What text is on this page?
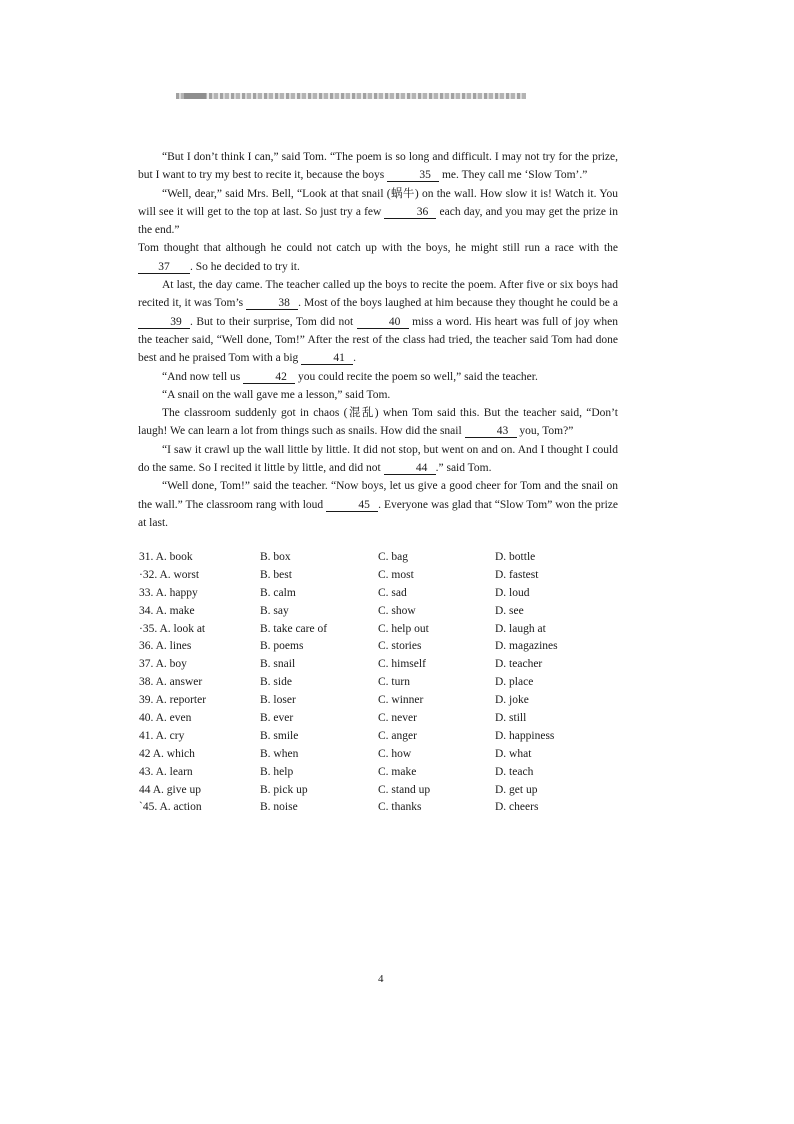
“But I don’t think I can,” said Tom. “The poem is so long and difficult. I may not try for the prize, but I want to try my best to recite it, because the boys	35 me. They call me ‘Slow Tom’.”

“Well, dear,” said Mrs. Bell, “Look at that snail (蜗牛) on the wall. How slow it is! Watch it. You will see it will get to the top at last. So just try a few	36 each day, and you may get the prize in the end.”

Tom thought that although he could not catch up with the boys, he might still run a race with the 37 . So he decided to try it.

At last, the day came. The teacher called up the boys to recite the poem. After five or six boys had recited it, it was Tom’s	38 . Most of the boys laughed at him because they thought he could be a 39 . But to their surprise, Tom did not	40 miss a word. His heart was full of joy when the teacher said, “Well done, Tom!” After the rest of the class had tried, the teacher said Tom had done best and he praised Tom with a big	41 .

“And now tell us	42 you could recite the poem so well,” said the teacher.

“A snail on the wall gave me a lesson,” said Tom.

The classroom suddenly got in chaos (混乱) when Tom said this. But the teacher said, “Don’t laugh! We can learn a lot from things such as snails. How did the snail	43 you, Tom?”

“I saw it crawl up the wall little by little. It did not stop, but went on and on. And I thought I could do the same. So I recited it little by little, and did not	44 .” said Tom.

“Well done, Tom!” said the teacher. “Now boys, let us give a good cheer for Tom and the snail on the wall.” The classroom rang with loud	45 . Everyone was glad that “Slow Tom” won the prize at last.

31. A. book	B. box	C. bag	D. bottle
·32. A. worst	B. best	C. most	D. fastest
33. A. happy	B. calm	C. sad	D. loud
34. A. make	B. say	C. show	D. see
·35. A. look at	B. take care of	C. help out	D. laugh at
36. A. lines	B. poems	C. stories	D. magazines
37. A. boy	B. snail	C. himself	D. teacher
38. A. answer	B. side	C. turn	D. place
39. A. reporter	B. loser	C. winner	D. joke
40. A. even	B. ever	C. never	D. still
41. A. cry	B. smile	C. anger	D. happiness
42 A. which	B. when	C. how	D. what
43. A. learn	B. help	C. make	D. teach
44 A. give up	B. pick up	C. stand up	D. get up
`45. A. action	B. noise	C. thanks	D. cheers
4
